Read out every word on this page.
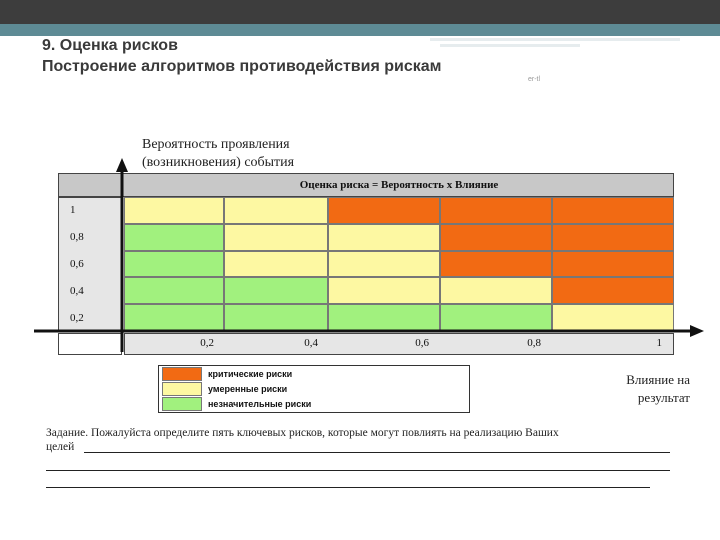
9. Оценка рисков
Построение алгоритмов противодействия рискам
er-tl
Вероятность проявления
(возникновения) события
Оценка риска = Вероятность х Влияние
1
0,8
0,6
0,4
0,2
0,2	0,4	0,6	0,8	1
критические риски
умеренные риски
незначительные риски
Влияние на
результат
Задание. Пожалуйста определите пять ключевых рисков, которые могут повлиять на реализацию Ваших
целей
